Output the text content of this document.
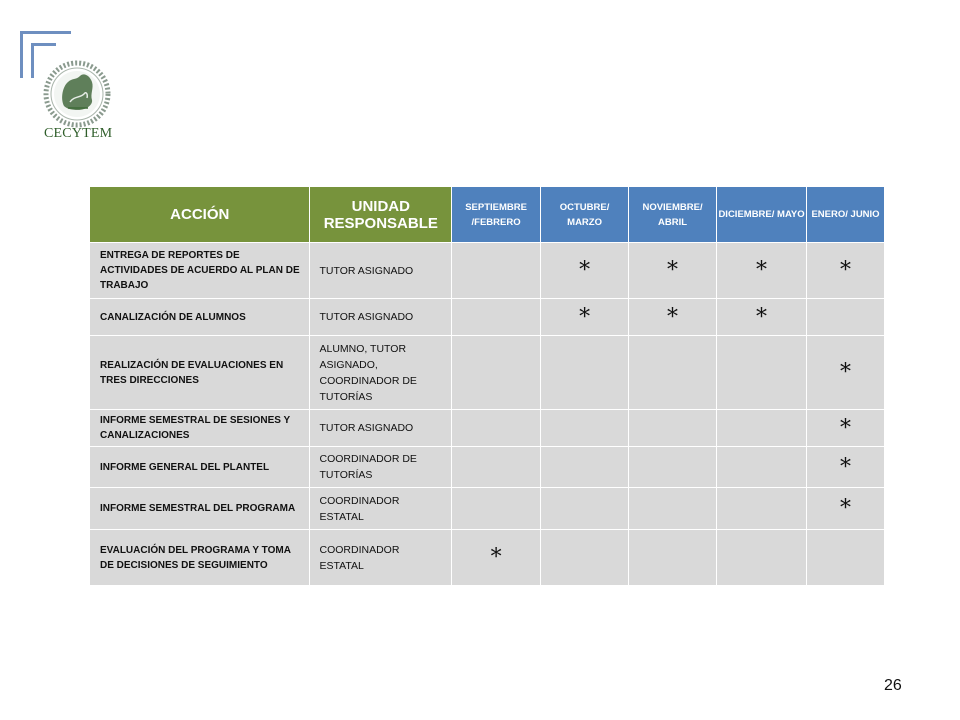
CECYTEM
ACCIÓN	UNIDAD RESPONSABLE	SEPTIEMBRE /FEBRERO	OCTUBRE/ MARZO	NOVIEMBRE/ ABRIL	DICIEMBRE/ MAYO	ENERO/ JUNIO
ENTREGA DE REPORTES DE ACTIVIDADES DE ACUERDO AL PLAN DE TRABAJO	TUTOR ASIGNADO		*	*	*	*
CANALIZACIÓN DE ALUMNOS	TUTOR ASIGNADO		*	*	*	
REALIZACIÓN DE EVALUACIONES EN TRES DIRECCIONES	ALUMNO, TUTOR ASIGNADO, COORDINADOR DE TUTORÍAS					*
INFORME SEMESTRAL DE SESIONES Y CANALIZACIONES	TUTOR ASIGNADO					*
INFORME GENERAL DEL PLANTEL	COORDINADOR DE TUTORÍAS					*
INFORME SEMESTRAL DEL PROGRAMA	COORDINADOR ESTATAL					*
EVALUACIÓN DEL PROGRAMA Y TOMA DE DECISIONES DE SEGUIMIENTO	COORDINADOR ESTATAL	*				
26
